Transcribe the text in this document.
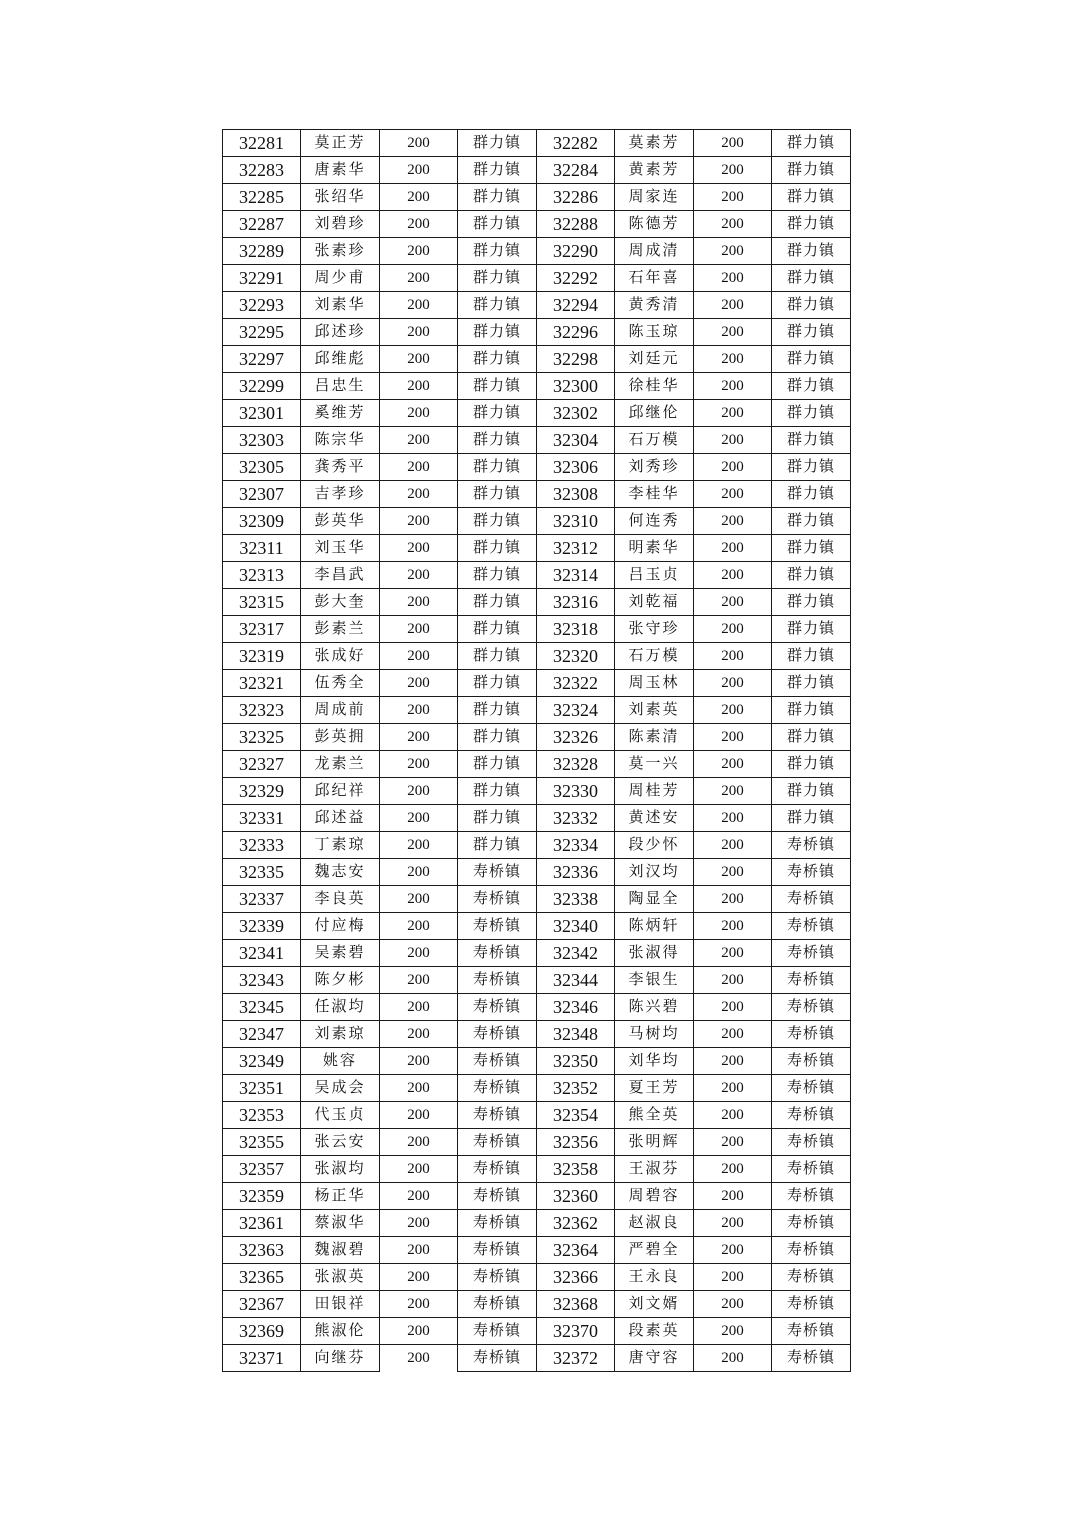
32281	莫正芳	200	群力镇	32282	莫素芳	200	群力镇
32283	唐素华	200	群力镇	32284	黄素芳	200	群力镇
32285	张绍华	200	群力镇	32286	周家连	200	群力镇
32287	刘碧珍	200	群力镇	32288	陈德芳	200	群力镇
32289	张素珍	200	群力镇	32290	周成清	200	群力镇
32291	周少甫	200	群力镇	32292	石年喜	200	群力镇
32293	刘素华	200	群力镇	32294	黄秀清	200	群力镇
32295	邱述珍	200	群力镇	32296	陈玉琼	200	群力镇
32297	邱维彪	200	群力镇	32298	刘廷元	200	群力镇
32299	吕忠生	200	群力镇	32300	徐桂华	200	群力镇
32301	奚维芳	200	群力镇	32302	邱继伦	200	群力镇
32303	陈宗华	200	群力镇	32304	石万模	200	群力镇
32305	龚秀平	200	群力镇	32306	刘秀珍	200	群力镇
32307	吉孝珍	200	群力镇	32308	李桂华	200	群力镇
32309	彭英华	200	群力镇	32310	何连秀	200	群力镇
32311	刘玉华	200	群力镇	32312	明素华	200	群力镇
32313	李昌武	200	群力镇	32314	吕玉贞	200	群力镇
32315	彭大奎	200	群力镇	32316	刘乾福	200	群力镇
32317	彭素兰	200	群力镇	32318	张守珍	200	群力镇
32319	张成好	200	群力镇	32320	石万模	200	群力镇
32321	伍秀全	200	群力镇	32322	周玉林	200	群力镇
32323	周成前	200	群力镇	32324	刘素英	200	群力镇
32325	彭英拥	200	群力镇	32326	陈素清	200	群力镇
32327	龙素兰	200	群力镇	32328	莫一兴	200	群力镇
32329	邱纪祥	200	群力镇	32330	周桂芳	200	群力镇
32331	邱述益	200	群力镇	32332	黄述安	200	群力镇
32333	丁素琼	200	群力镇	32334	段少怀	200	寿桥镇
32335	魏志安	200	寿桥镇	32336	刘汉均	200	寿桥镇
32337	李良英	200	寿桥镇	32338	陶显全	200	寿桥镇
32339	付应梅	200	寿桥镇	32340	陈炳轩	200	寿桥镇
32341	吴素碧	200	寿桥镇	32342	张淑得	200	寿桥镇
32343	陈夕彬	200	寿桥镇	32344	李银生	200	寿桥镇
32345	任淑均	200	寿桥镇	32346	陈兴碧	200	寿桥镇
32347	刘素琼	200	寿桥镇	32348	马树均	200	寿桥镇
32349	姚容	200	寿桥镇	32350	刘华均	200	寿桥镇
32351	吴成会	200	寿桥镇	32352	夏王芳	200	寿桥镇
32353	代玉贞	200	寿桥镇	32354	熊全英	200	寿桥镇
32355	张云安	200	寿桥镇	32356	张明辉	200	寿桥镇
32357	张淑均	200	寿桥镇	32358	王淑芬	200	寿桥镇
32359	杨正华	200	寿桥镇	32360	周碧容	200	寿桥镇
32361	蔡淑华	200	寿桥镇	32362	赵淑良	200	寿桥镇
32363	魏淑碧	200	寿桥镇	32364	严碧全	200	寿桥镇
32365	张淑英	200	寿桥镇	32366	王永良	200	寿桥镇
32367	田银祥	200	寿桥镇	32368	刘文婿	200	寿桥镇
32369	熊淑伦	200	寿桥镇	32370	段素英	200	寿桥镇
32371	向继芬	200	寿桥镇	32372	唐守容	200	寿桥镇
